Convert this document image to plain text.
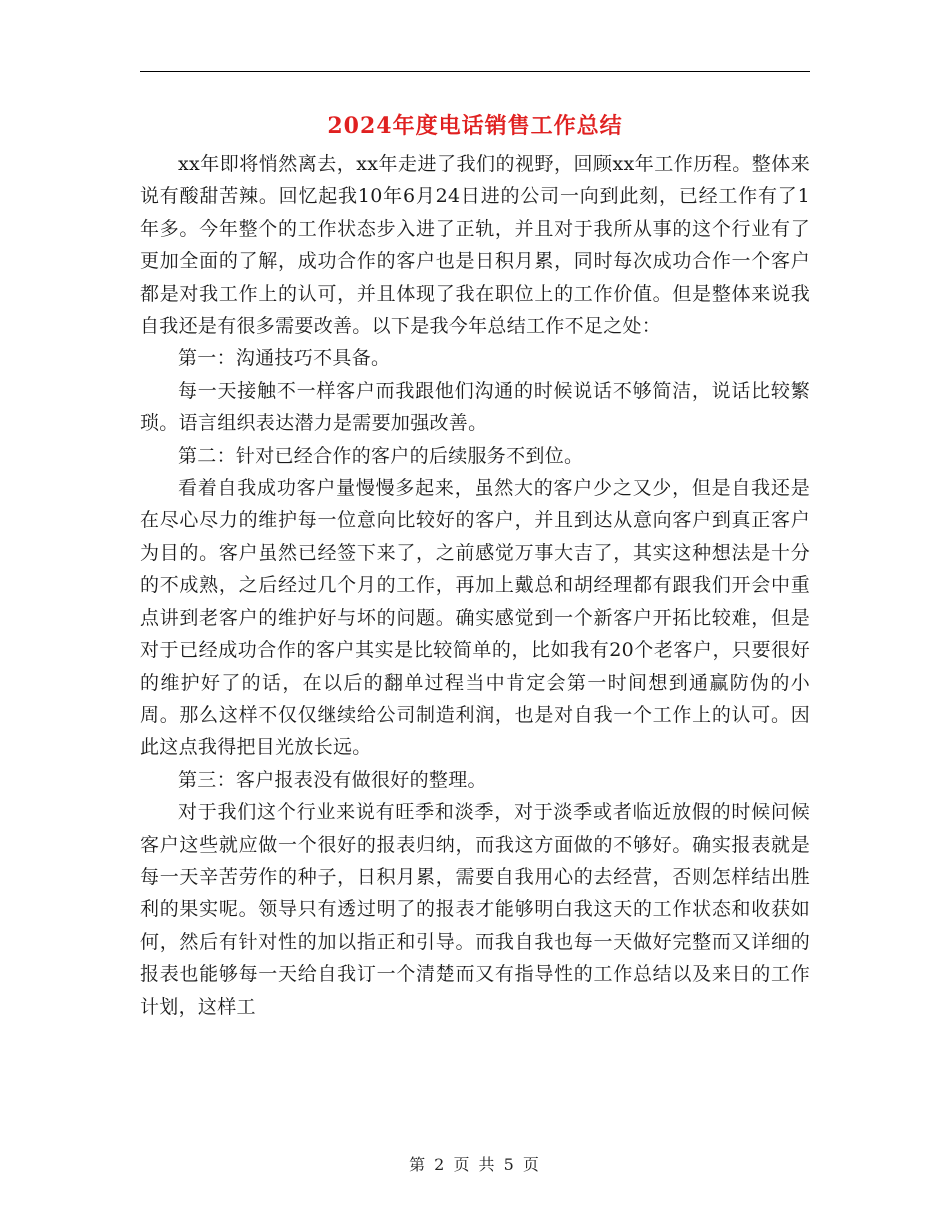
2024年度电话销售工作总结

xx年即将悄然离去，xx年走进了我们的视野，回顾xx年工作历程。整体来说有酸甜苦辣。回忆起我10年6月24日进的公司一向到此刻，已经工作有了1年多。今年整个的工作状态步入进了正轨，并且对于我所从事的这个行业有了更加全面的了解，成功合作的客户也是日积月累，同时每次成功合作一个客户都是对我工作上的认可，并且体现了我在职位上的工作价值。但是整体来说我自我还是有很多需要改善。以下是我今年总结工作不足之处：

第一：沟通技巧不具备。

每一天接触不一样客户而我跟他们沟通的时候说话不够简洁，说话比较繁琐。语言组织表达潜力是需要加强改善。

第二：针对已经合作的客户的后续服务不到位。

看着自我成功客户量慢慢多起来，虽然大的客户少之又少，但是自我还是在尽心尽力的维护每一位意向比较好的客户，并且到达从意向客户到真正客户为目的。客户虽然已经签下来了，之前感觉万事大吉了，其实这种想法是十分的不成熟，之后经过几个月的工作，再加上戴总和胡经理都有跟我们开会中重点讲到老客户的维护好与坏的问题。确实感觉到一个新客户开拓比较难，但是对于已经成功合作的客户其实是比较简单的，比如我有20个老客户，只要很好的维护好了的话，在以后的翻单过程当中肯定会第一时间想到通赢防伪的小周。那么这样不仅仅继续给公司制造利润，也是对自我一个工作上的认可。因此这点我得把目光放长远。

第三：客户报表没有做很好的整理。

对于我们这个行业来说有旺季和淡季，对于淡季或者临近放假的时候问候客户这些就应做一个很好的报表归纳，而我这方面做的不够好。确实报表就是每一天辛苦劳作的种子，日积月累，需要自我用心的去经营，否则怎样结出胜利的果实呢。领导只有透过明了的报表才能够明白我这天的工作状态和收获如何，然后有针对性的加以指正和引导。而我自我也每一天做好完整而又详细的报表也能够每一天给自我订一个清楚而又有指导性的工作总结以及来日的工作计划，这样工

第 2 页 共 5 页
